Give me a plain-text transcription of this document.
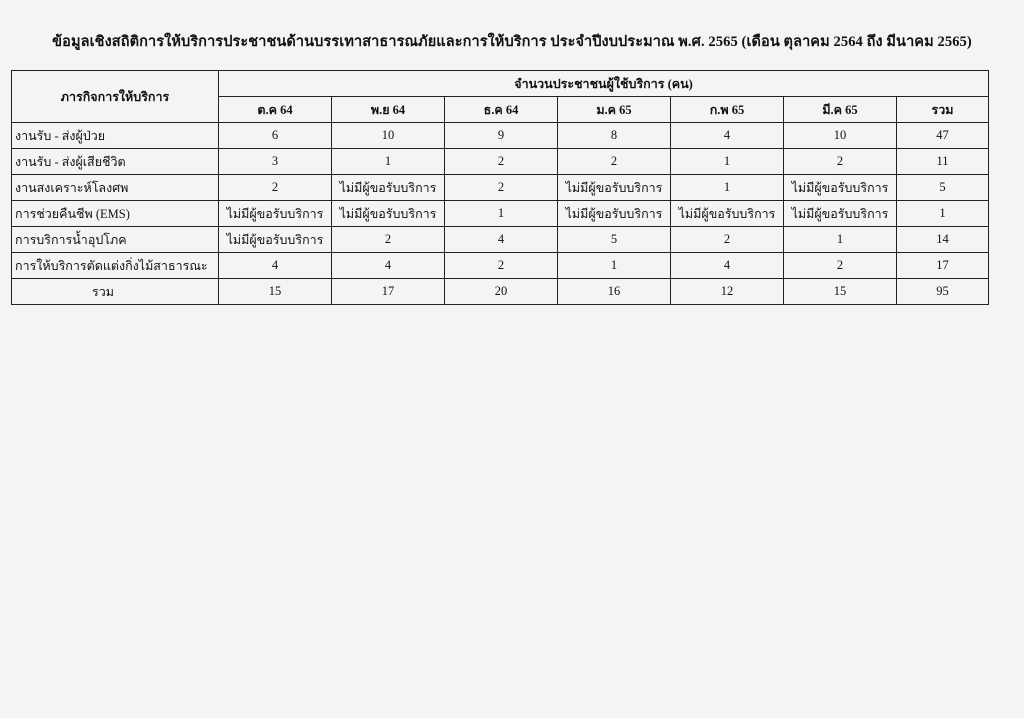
ข้อมูลเชิงสถิติการให้บริการประชาชนด้านบรรเทาสาธารณภัยและการให้บริการ ประจำปีงบประมาณ พ.ศ. 2565 (เดือน ตุลาคม 2564 ถึง มีนาคม 2565)
ภารกิจการให้บริการ	จำนวนประชาชนผู้ใช้บริการ (คน)						
	ต.ค 64	พ.ย 64	ธ.ค 64	ม.ค 65	ก.พ 65	มี.ค 65	รวม
งานรับ - ส่งผู้ป่วย	6	10	9	8	4	10	47
งานรับ - ส่งผู้เสียชีวิต	3	1	2	2	1	2	11
งานสงเคราะห์โลงศพ	2	ไม่มีผู้ขอรับบริการ	2	ไม่มีผู้ขอรับบริการ	1	ไม่มีผู้ขอรับบริการ	5
การช่วยคืนชีพ (EMS)	ไม่มีผู้ขอรับบริการ	ไม่มีผู้ขอรับบริการ	1	ไม่มีผู้ขอรับบริการ	ไม่มีผู้ขอรับบริการ	ไม่มีผู้ขอรับบริการ	1
การบริการน้ำอุปโภค	ไม่มีผู้ขอรับบริการ	2	4	5	2	1	14
การให้บริการตัดแต่งกิ่งไม้สาธารณะ	4	4	2	1	4	2	17
รวม	15	17	20	16	12	15	95
